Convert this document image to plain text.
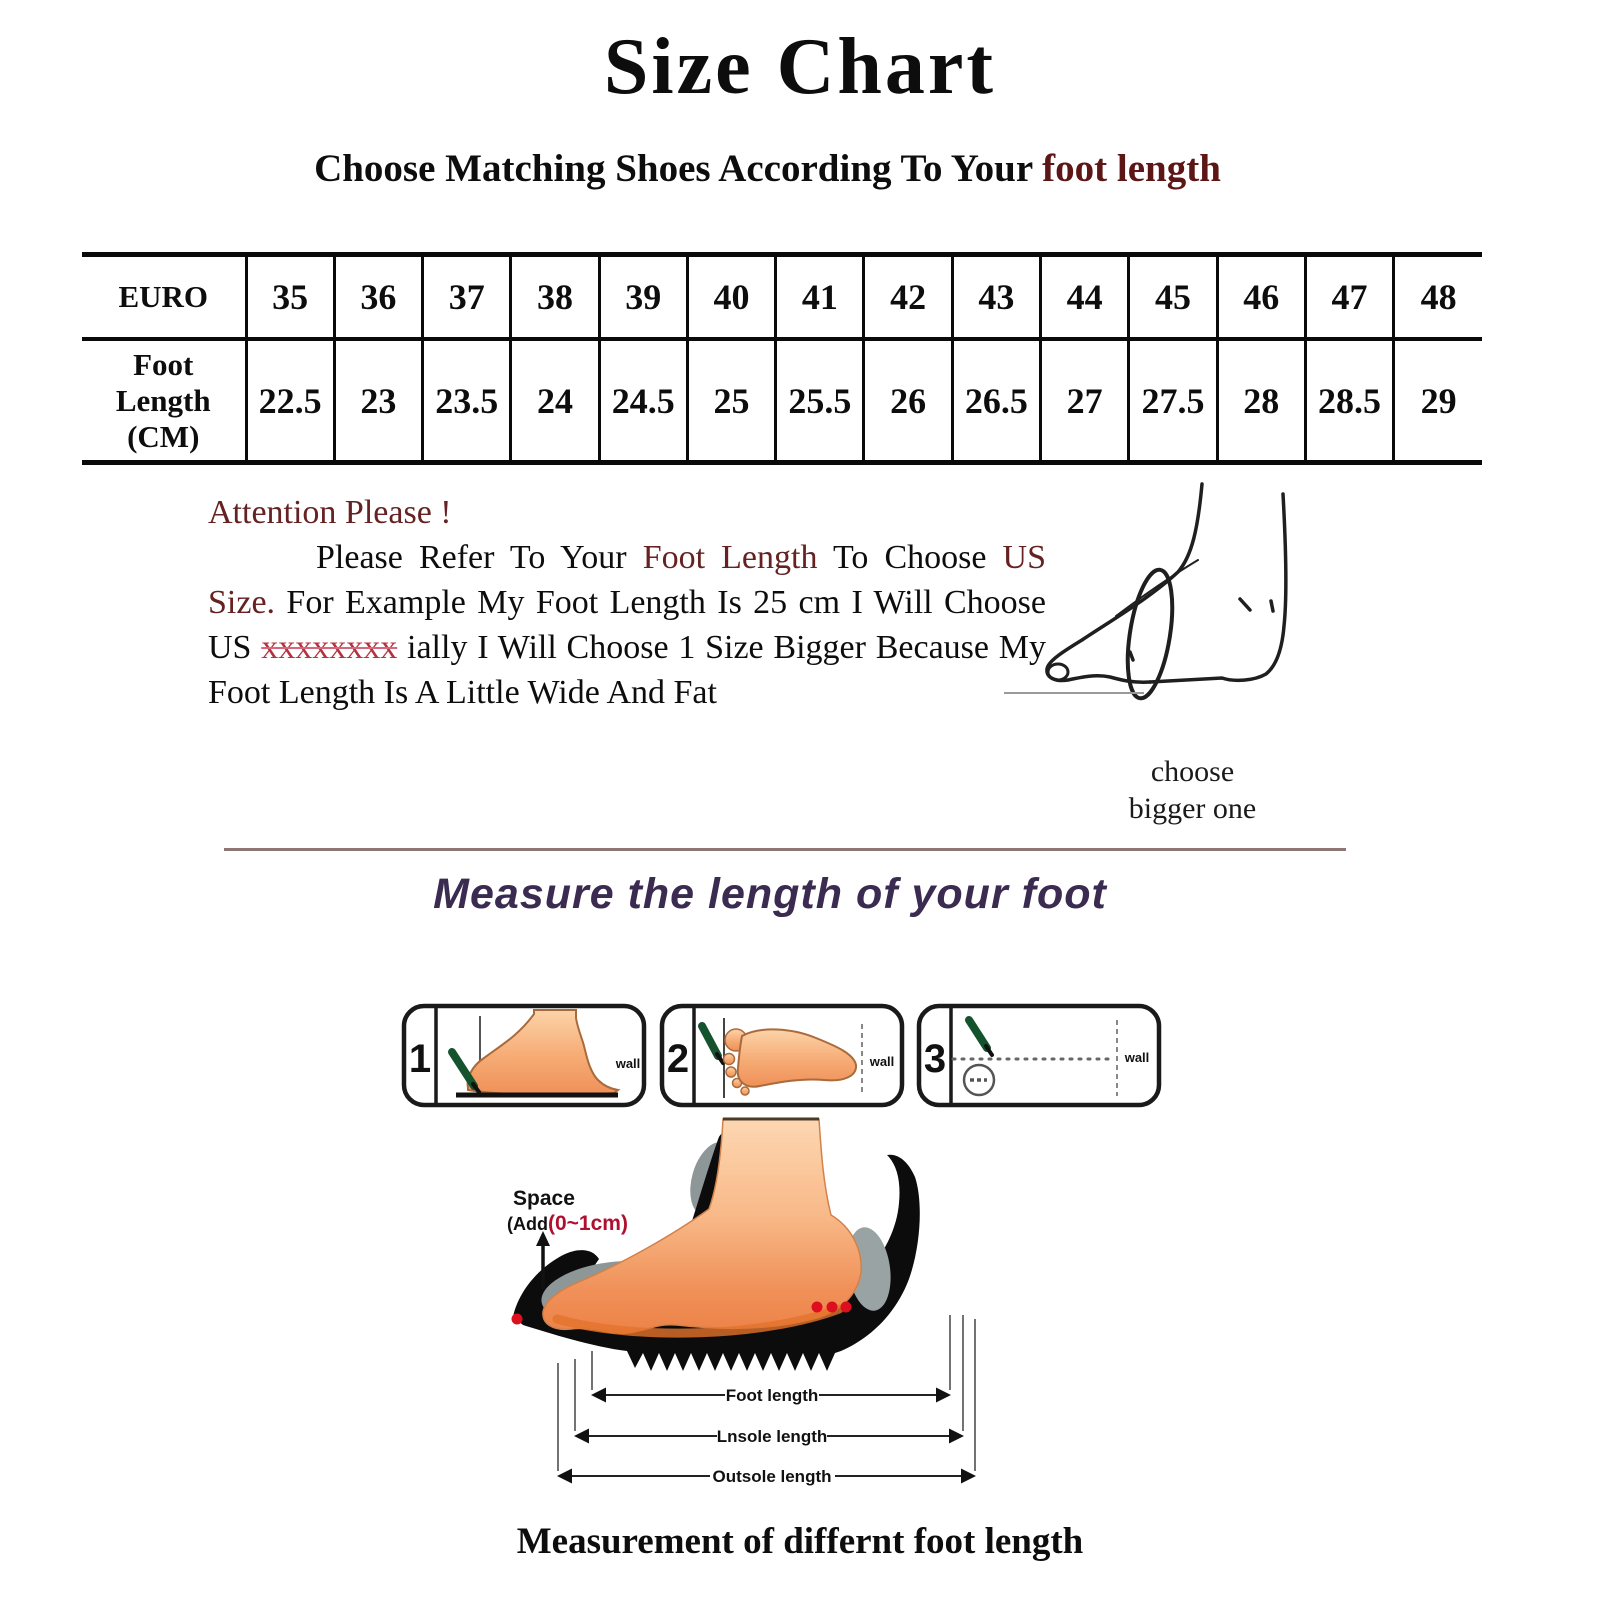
Size Chart
Choose Matching Shoes According To Your foot length
EURO	35	36	37	38	39	40	41	42	43	44	45	46	47	48
Foot Length (CM)	22.5	23	23.5	24	24.5	25	25.5	26	26.5	27	27.5	28	28.5	29
Attention Please !

Please Refer To Your Foot Length To Choose US Size. For Example My Foot Length Is 25 cm I Will Choose US xxxxxxxx ially I Will Choose 1 Size Bigger Because My Foot Length Is A Little Wide And Fat

choose
bigger one
Measure the length of your foot
1	wall 2	wall 3	wall
Space
(Add(0~1cm)
Foot length
Lnsole length
Outsole length
Measurement of differnt foot length
